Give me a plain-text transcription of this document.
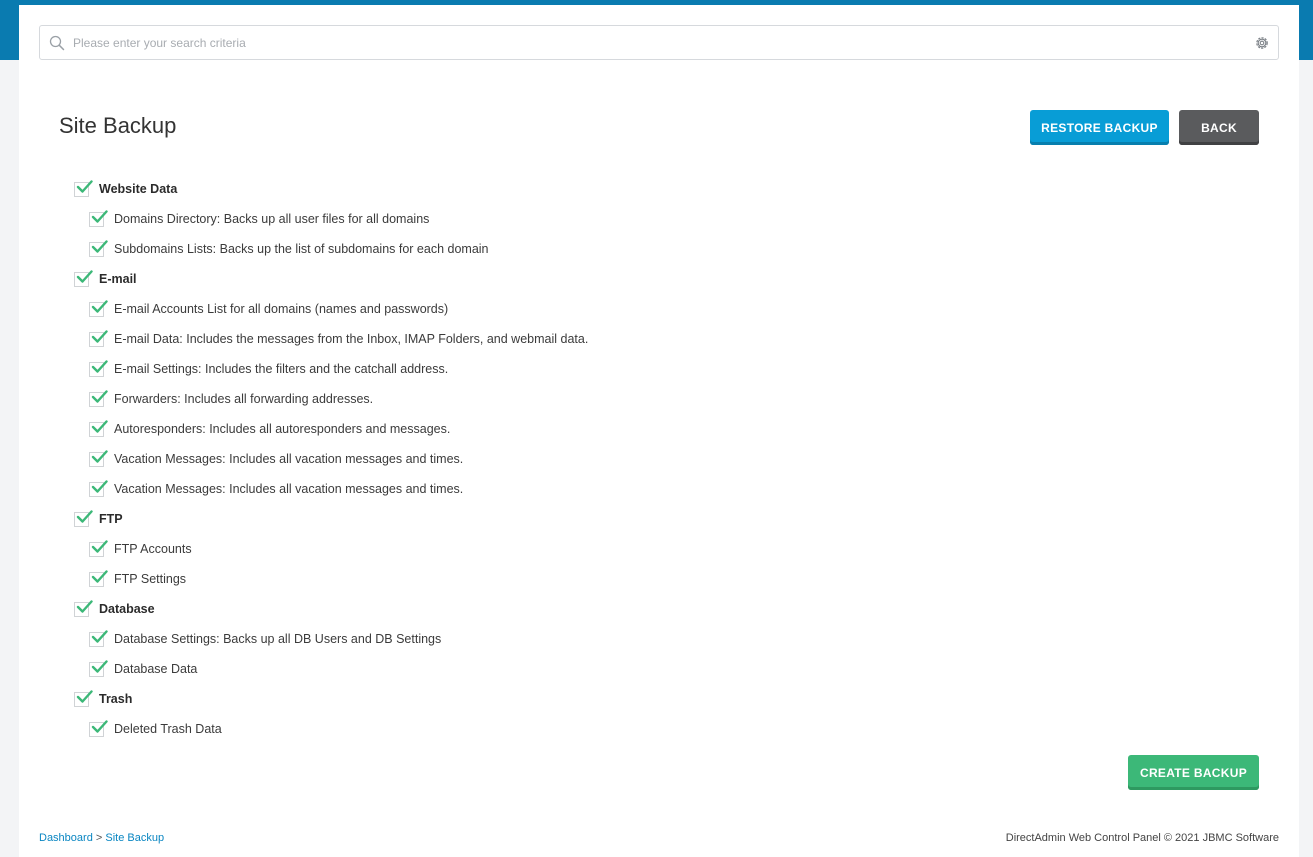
Please enter your search criteria
Site Backup	RESTORE BACKUP	BACK
Website Data
Domains Directory: Backs up all user files for all domains
Subdomains Lists: Backs up the list of subdomains for each domain
E-mail
E-mail Accounts List for all domains (names and passwords)
E-mail Data: Includes the messages from the Inbox, IMAP Folders, and webmail data.
E-mail Settings: Includes the filters and the catchall address.
Forwarders: Includes all forwarding addresses.
Autoresponders: Includes all autoresponders and messages.
Vacation Messages: Includes all vacation messages and times.
Vacation Messages: Includes all vacation messages and times.
FTP
FTP Accounts
FTP Settings
Database
Database Settings: Backs up all DB Users and DB Settings
Database Data
Trash
Deleted Trash Data
CREATE BACKUP
Dashboard > Site Backup	DirectAdmin Web Control Panel © 2021 JBMC Software
